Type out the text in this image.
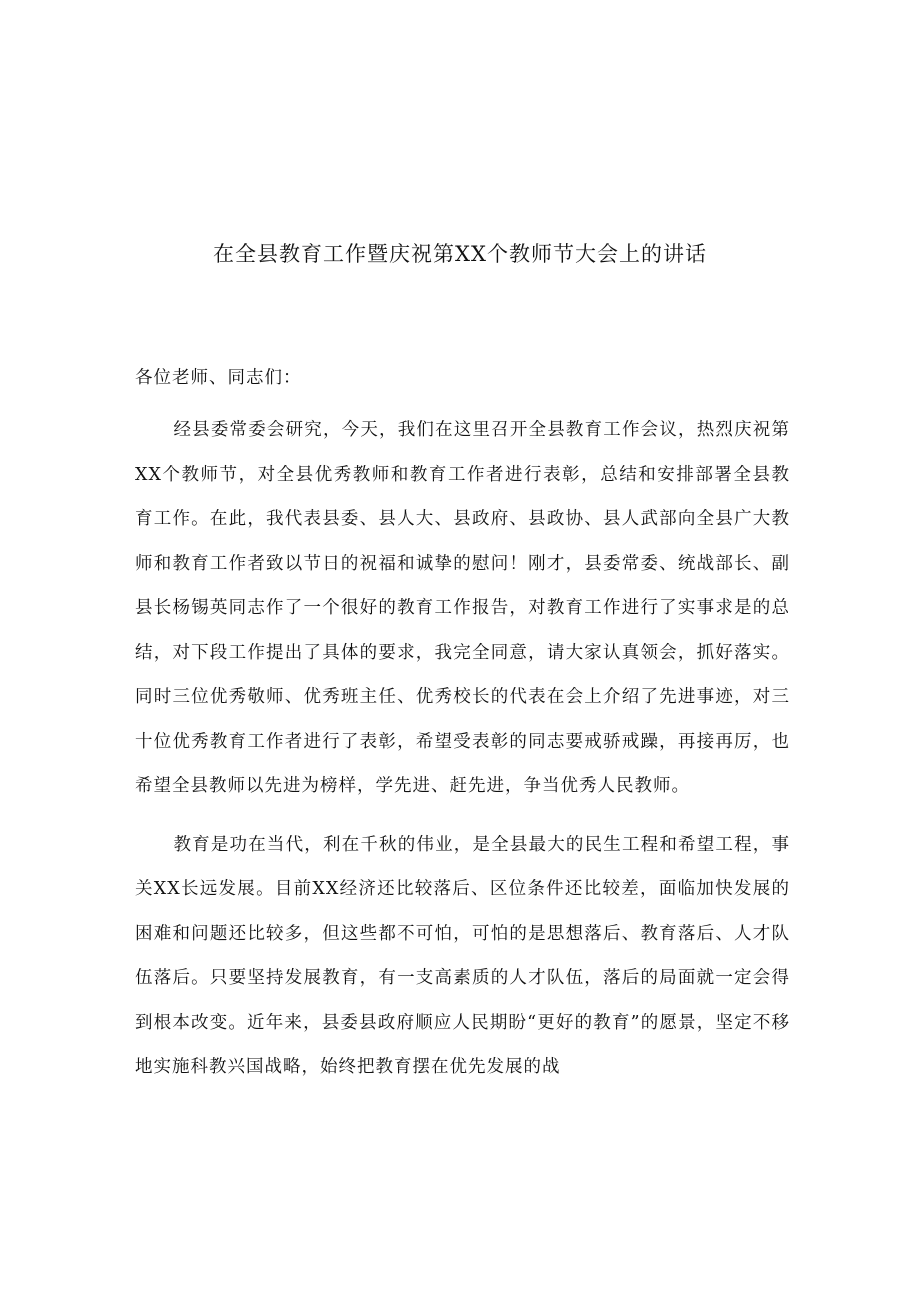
在全县教育工作暨庆祝第XX个教师节大会上的讲话

各位老师、同志们：

经县委常委会研究，今天，我们在这里召开全县教育工作会议，热烈庆祝第XX个教师节，对全县优秀教师和教育工作者进行表彰，总结和安排部署全县教育工作。在此，我代表县委、县人大、县政府、县政协、县人武部向全县广大教师和教育工作者致以节日的祝福和诚挚的慰问！刚才，县委常委、统战部长、副县长杨锡英同志作了一个很好的教育工作报告，对教育工作进行了实事求是的总结，对下段工作提出了具体的要求，我完全同意，请大家认真领会，抓好落实。同时三位优秀敬师、优秀班主任、优秀校长的代表在会上介绍了先进事迹，对三十位优秀教育工作者进行了表彰，希望受表彰的同志要戒骄戒躁，再接再厉，也希望全县教师以先进为榜样，学先进、赶先进，争当优秀人民教师。

教育是功在当代，利在千秋的伟业，是全县最大的民生工程和希望工程，事关XX长远发展。目前XX经济还比较落后、区位条件还比较差，面临加快发展的困难和问题还比较多，但这些都不可怕，可怕的是思想落后、教育落后、人才队伍落后。只要坚持发展教育，有一支高素质的人才队伍，落后的局面就一定会得到根本改变。近年来，县委县政府顺应人民期盼“更好的教育”的愿景，坚定不移地实施科教兴国战略，始终把教育摆在优先发展的战
